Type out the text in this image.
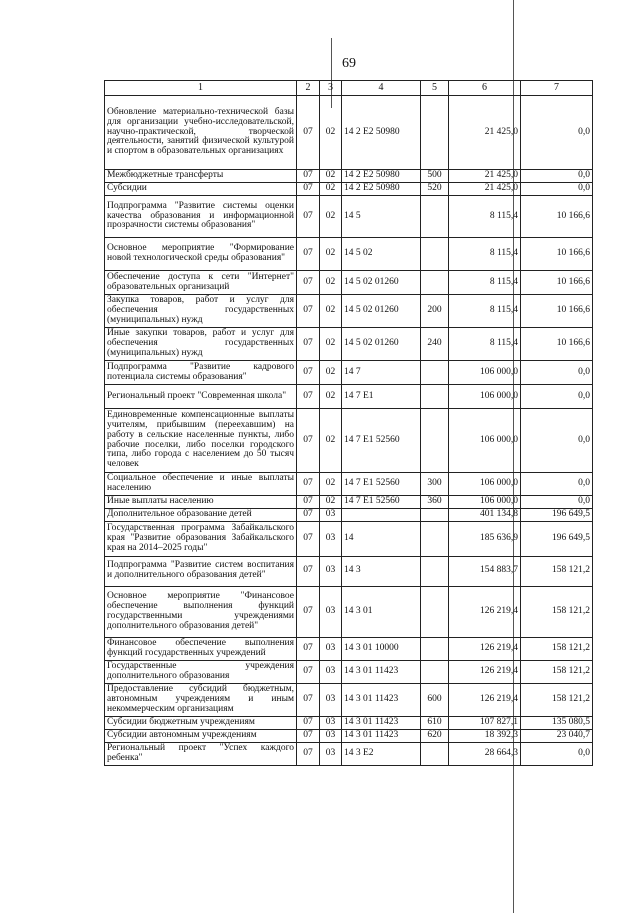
69
1	2	3	4	5	6	7
Обновление материально-технической базы для организации учебно-исследовательской, научно-практической, творческой деятельности, занятий физической культурой и спортом в образовательных организациях	07	02	14 2 Е2 50980		21 425,0	0,0
Межбюджетные трансферты	07	02	14 2 Е2 50980	500	21 425,0	0,0
Субсидии	07	02	14 2 Е2 50980	520	21 425,0	0,0
Подпрограмма "Развитие системы оценки качества образования и информационной прозрачности системы образования"	07	02	14 5		8 115,4	10 166,6
Основное мероприятие "Формирование новой технологической среды образования"	07	02	14 5 02		8 115,4	10 166,6
Обеспечение доступа к сети "Интернет" образовательных организаций	07	02	14 5 02 01260		8 115,4	10 166,6
Закупка товаров, работ и услуг для обеспечения государственных (муниципальных) нужд	07	02	14 5 02 01260	200	8 115,4	10 166,6
Иные закупки товаров, работ и услуг для обеспечения государственных (муниципальных) нужд	07	02	14 5 02 01260	240	8 115,4	10 166,6
Подпрограмма "Развитие кадрового потенциала системы образования"	07	02	14 7		106 000,0	0,0
Региональный проект "Современная школа"	07	02	14 7 Е1		106 000,0	0,0
Единовременные компенсационные выплаты учителям, прибывшим (переехавшим) на работу в сельские населенные пункты, либо рабочие поселки, либо поселки городского типа, либо города с населением до 50 тысяч человек	07	02	14 7 Е1 52560		106 000,0	0,0
Социальное обеспечение и иные выплаты населению	07	02	14 7 Е1 52560	300	106 000,0	0,0
Иные выплаты населению	07	02	14 7 Е1 52560	360	106 000,0	0,0
Дополнительное образование детей	07	03			401 134,8	196 649,5
Государственная программа Забайкальского края "Развитие образования Забайкальского края на 2014–2025 годы"	07	03	14		185 636,9	196 649,5
Подпрограмма "Развитие систем воспитания и дополнительного образования детей"	07	03	14 3		154 883,7	158 121,2
Основное мероприятие "Финансовое обеспечение выполнения функций государственными учреждениями дополнительного образования детей"	07	03	14 3 01		126 219,4	158 121,2
Финансовое обеспечение выполнения функций государственных учреждений	07	03	14 3 01 10000		126 219,4	158 121,2
Государственные учреждения дополнительного образования	07	03	14 3 01 11423		126 219,4	158 121,2
Предоставление субсидий бюджетным, автономным учреждениям и иным некоммерческим организациям	07	03	14 3 01 11423	600	126 219,4	158 121,2
Субсидии бюджетным учреждениям	07	03	14 3 01 11423	610	107 827,1	135 080,5
Субсидии автономным учреждениям	07	03	14 3 01 11423	620	18 392,3	23 040,7
Региональный проект "Успех каждого ребенка"	07	03	14 3 Е2		28 664,3	0,0
